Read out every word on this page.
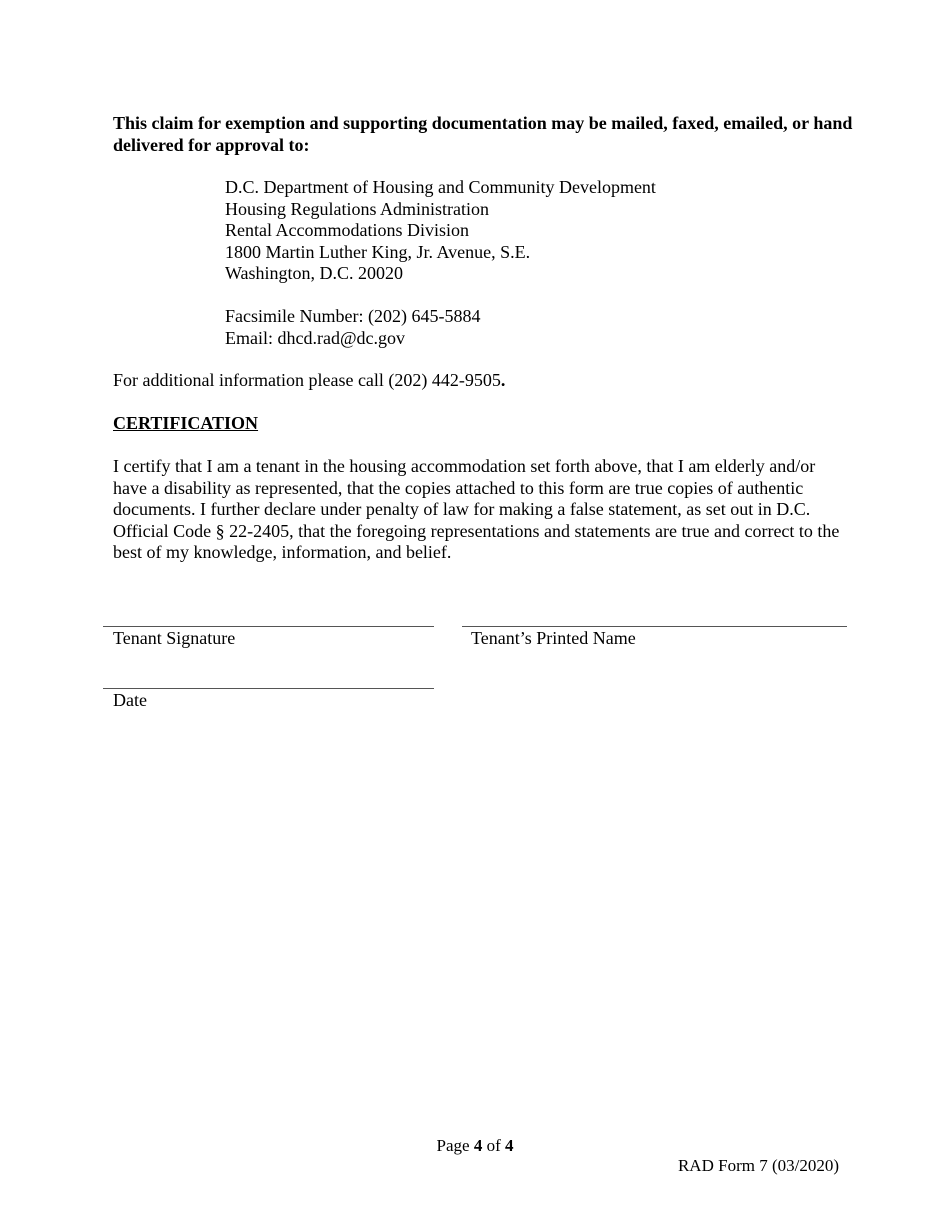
This claim for exemption and supporting documentation may be mailed, faxed, emailed, or hand delivered for approval to:
D.C. Department of Housing and Community Development
Housing Regulations Administration
Rental Accommodations Division
1800 Martin Luther King, Jr. Avenue, S.E.
Washington, D.C. 20020
Facsimile Number: (202) 645-5884
Email: dhcd.rad@dc.gov
For additional information please call (202) 442-9505.
CERTIFICATION
I certify that I am a tenant in the housing accommodation set forth above, that I am elderly and/or have a disability as represented, that the copies attached to this form are true copies of authentic documents. I further declare under penalty of law for making a false statement, as set out in D.C. Official Code § 22-2405, that the foregoing representations and statements are true and correct to the best of my knowledge, information, and belief.
Tenant Signature	Tenant’s Printed Name
Date
Page 4 of 4
RAD Form 7 (03/2020)
